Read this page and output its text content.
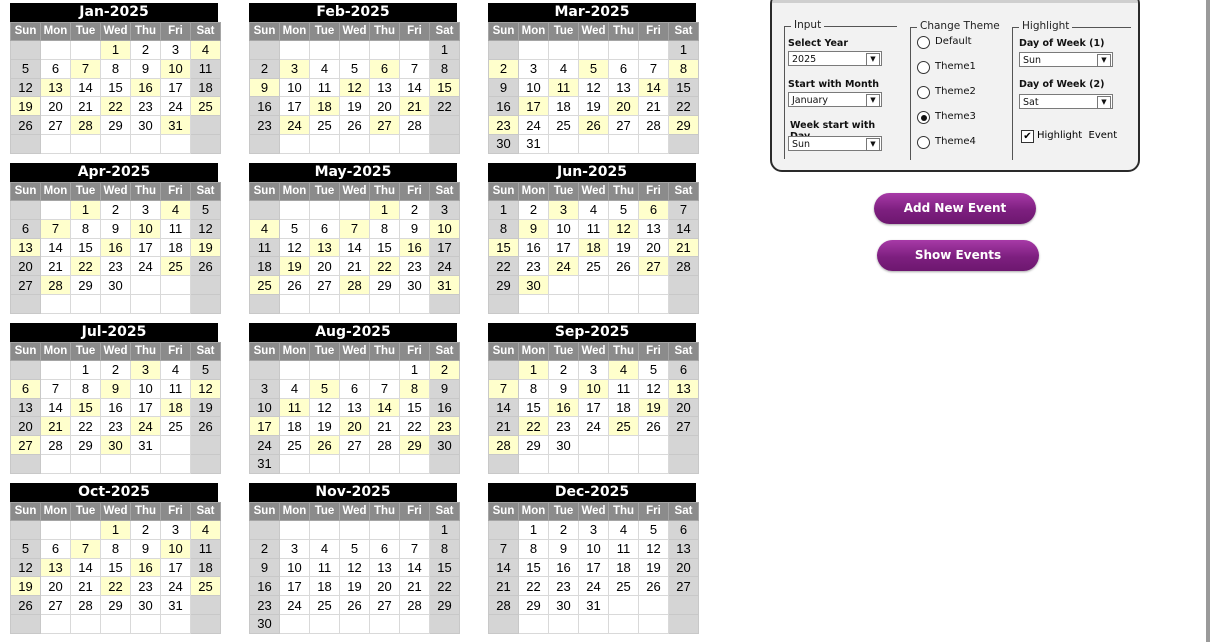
Jan-2025
Sun	Mon	Tue	Wed	Thu	Fri	Sat
			1	2	3	4
5	6	7	8	9	10	11
12	13	14	15	16	17	18
19	20	21	22	23	24	25
26	27	28	29	30	31	

Feb-2025
Sun	Mon	Tue	Wed	Thu	Fri	Sat
						1
2	3	4	5	6	7	8
9	10	11	12	13	14	15
16	17	18	19	20	21	22
23	24	25	26	27	28	

Mar-2025
Sun	Mon	Tue	Wed	Thu	Fri	Sat
						1
2	3	4	5	6	7	8
9	10	11	12	13	14	15
16	17	18	19	20	21	22
23	24	25	26	27	28	29
30	31					
Apr-2025
Sun	Mon	Tue	Wed	Thu	Fri	Sat
		1	2	3	4	5
6	7	8	9	10	11	12
13	14	15	16	17	18	19
20	21	22	23	24	25	26
27	28	29	30			

May-2025
Sun	Mon	Tue	Wed	Thu	Fri	Sat
				1	2	3
4	5	6	7	8	9	10
11	12	13	14	15	16	17
18	19	20	21	22	23	24
25	26	27	28	29	30	31

Jun-2025
Sun	Mon	Tue	Wed	Thu	Fri	Sat
1	2	3	4	5	6	7
8	9	10	11	12	13	14
15	16	17	18	19	20	21
22	23	24	25	26	27	28
29	30					

Jul-2025
Sun	Mon	Tue	Wed	Thu	Fri	Sat
		1	2	3	4	5
6	7	8	9	10	11	12
13	14	15	16	17	18	19
20	21	22	23	24	25	26
27	28	29	30	31		

Aug-2025
Sun	Mon	Tue	Wed	Thu	Fri	Sat
					1	2
3	4	5	6	7	8	9
10	11	12	13	14	15	16
17	18	19	20	21	22	23
24	25	26	27	28	29	30
31						
Sep-2025
Sun	Mon	Tue	Wed	Thu	Fri	Sat
	1	2	3	4	5	6
7	8	9	10	11	12	13
14	15	16	17	18	19	20
21	22	23	24	25	26	27
28	29	30				

Oct-2025
Sun	Mon	Tue	Wed	Thu	Fri	Sat
			1	2	3	4
5	6	7	8	9	10	11
12	13	14	15	16	17	18
19	20	21	22	23	24	25
26	27	28	29	30	31	

Nov-2025
Sun	Mon	Tue	Wed	Thu	Fri	Sat
						1
2	3	4	5	6	7	8
9	10	11	12	13	14	15
16	17	18	19	20	21	22
23	24	25	26	27	28	29
30						
Dec-2025
Sun	Mon	Tue	Wed	Thu	Fri	Sat
	1	2	3	4	5	6
7	8	9	10	11	12	13
14	15	16	17	18	19	20
21	22	23	24	25	26	27
28	29	30	31			

Input
Select Year
2025	▼
Start with Month
January	▼
Week start with
Sun	▼
Change Theme
Default
Theme1
Theme2
Theme3
Theme4
Highlight
Day of Week (1)
Sun	▼
Day of Week (2)
Sat	▼
✔ Highlight  Event
Add New Event
Show Events
